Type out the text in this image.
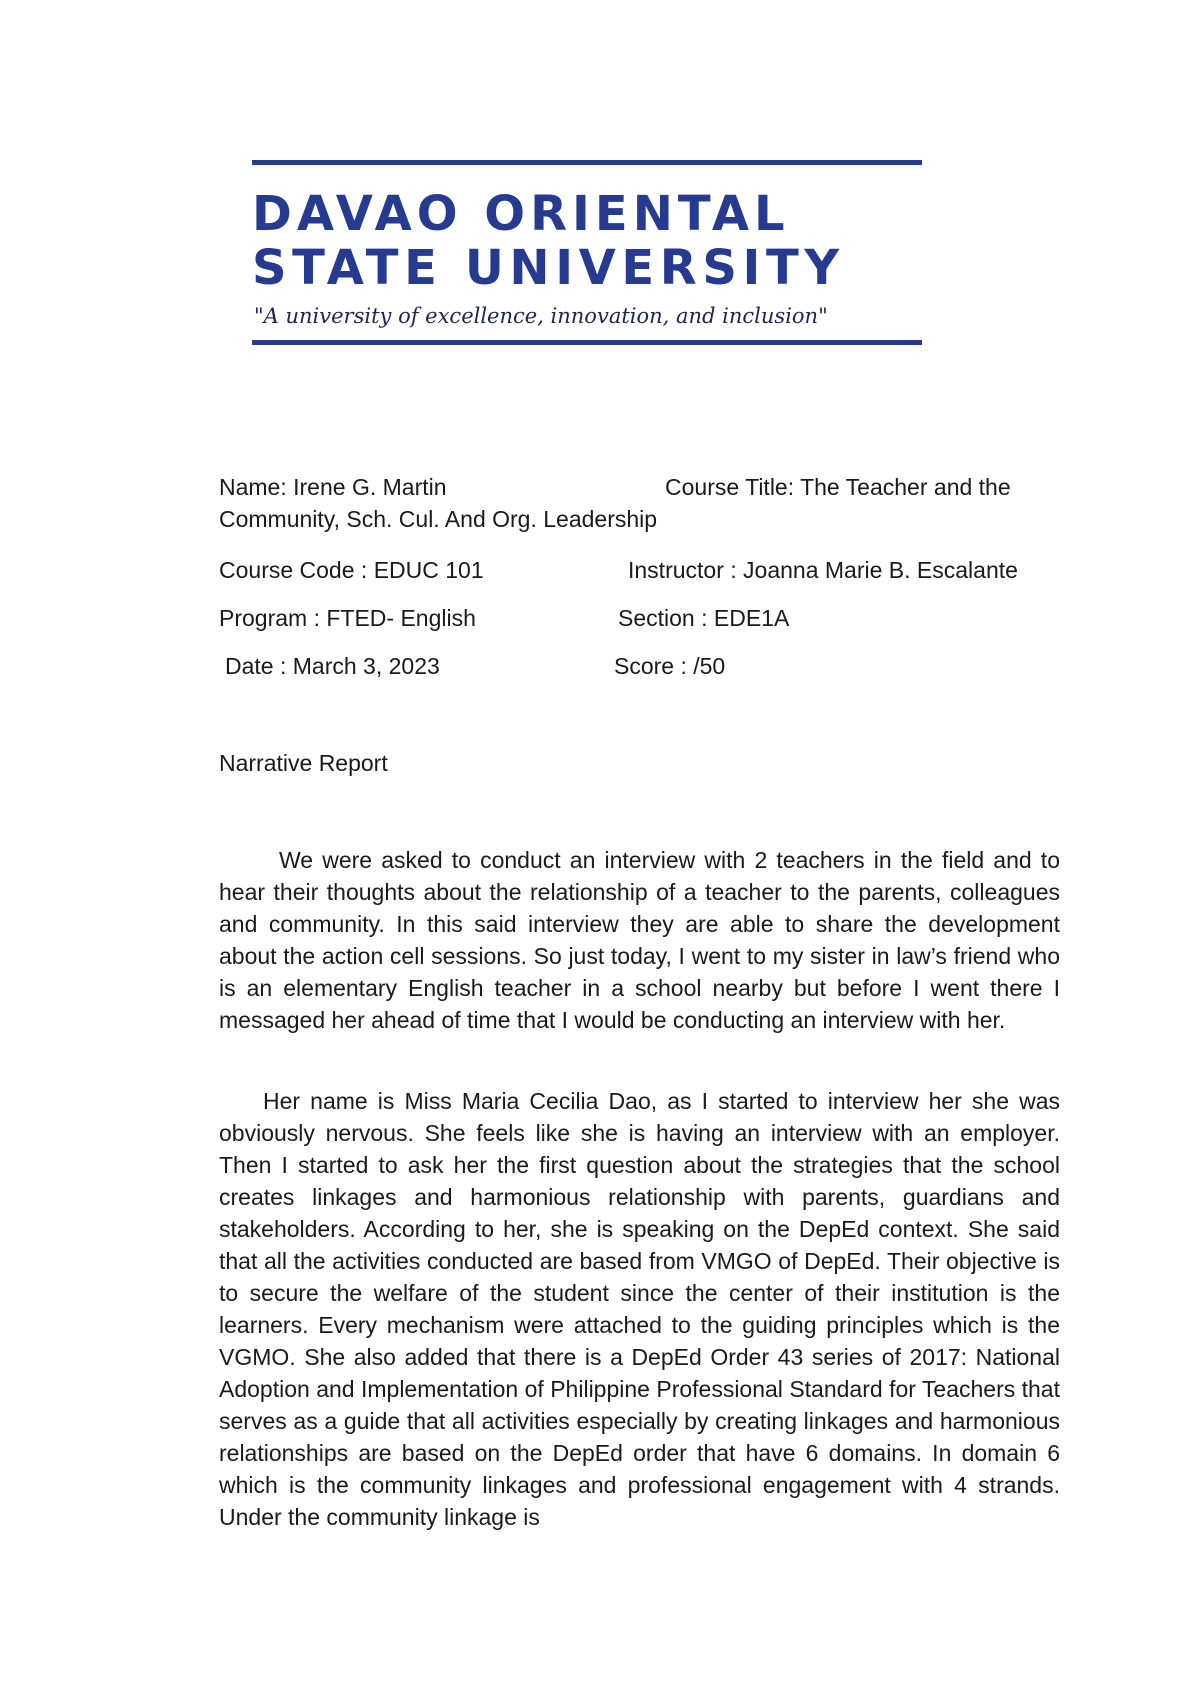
DAVAO ORIENTAL
STATE UNIVERSITY
"A university of excellence, innovation, and inclusion"
Name: Irene G. Martin	Course Title: The Teacher and the
Community, Sch. Cul. And Org. Leadership
Course Code : EDUC 101	Instructor : Joanna Marie B. Escalante
Program : FTED- English	Section : EDE1A
Date : March 3, 2023	Score : /50
Narrative Report

We were asked to conduct an interview with 2 teachers in the field and to hear their thoughts about the relationship of a teacher to the parents, colleagues and community. In this said interview they are able to share the development about the action cell sessions. So just today, I went to my sister in law’s friend who is an elementary English teacher in a school nearby but before I went there I messaged her ahead of time that I would be conducting an interview with her.

Her name is Miss Maria Cecilia Dao, as I started to interview her she was obviously nervous. She feels like she is having an interview with an employer. Then I started to ask her the first question about the strategies that the school creates linkages and harmonious relationship with parents, guardians and stakeholders. According to her, she is speaking on the DepEd context. She said that all the activities conducted are based from VMGO of DepEd. Their objective is to secure the welfare of the student since the center of their institution is the learners. Every mechanism were attached to the guiding principles which is the VGMO. She also added that there is a DepEd Order 43 series of 2017: National Adoption and Implementation of Philippine Professional Standard for Teachers that serves as a guide that all activities especially by creating linkages and harmonious relationships are based on the DepEd order that have 6 domains. In domain 6 which is the community linkages and professional engagement with 4 strands. Under the community linkage is
